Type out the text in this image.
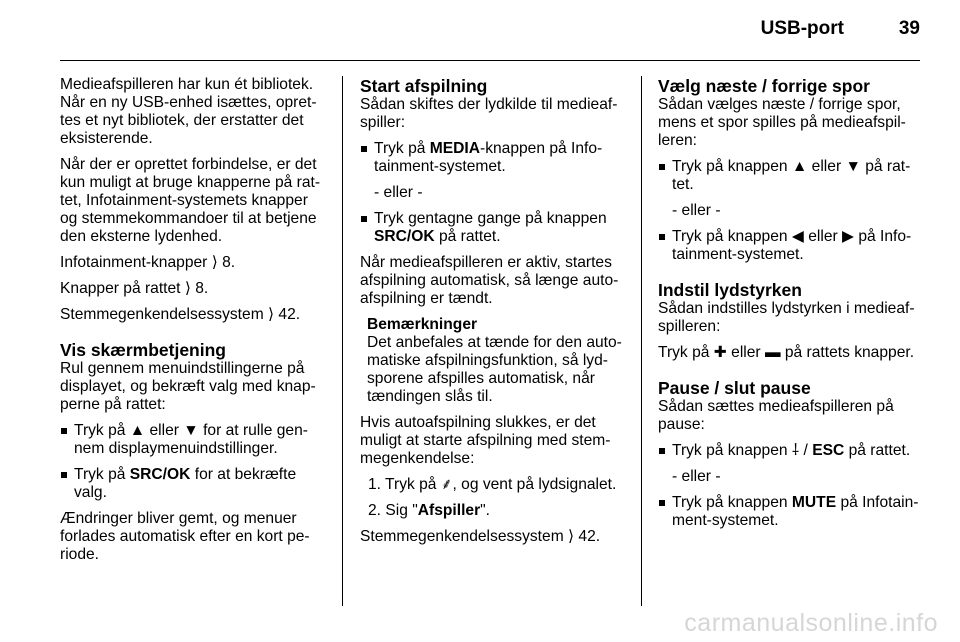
USB-port	39

Medieafspilleren har kun ét bibliotek. Når en ny USB-enhed isættes, opret-tes et nyt bibliotek, der erstatter det eksisterende.

Når der er oprettet forbindelse, er det kun muligt at bruge knapperne på rat-tet, Infotainment-systemets knapper og stemmekommandoer til at betjene den eksterne lydenhed.

Infotainment-knapper ⟩ 8.

Knapper på rattet ⟩ 8.

Stemmegenkendelsessystem ⟩ 42.

Vis skærmbetjening

Rul gennem menuindstillingerne på displayet, og bekræft valg med knap-perne på rattet:

Tryk på ▲ eller ▼ for at rulle gen-nem displaymenuindstillinger.
Tryk på SRC/OK for at bekræfte valg.

Ændringer bliver gemt, og menuer forlades automatisk efter en kort pe-riode.

Start afspilning

Sådan skiftes der lydkilde til medieaf-spiller:

Tryk på MEDIA-knappen på Info-tainment-systemet.

- eller -

Tryk gentagne gange på knappen SRC/OK på rattet.

Når medieafspilleren er aktiv, startes afspilning automatisk, så længe auto-afspilning er tændt.

Bemærkninger
Det anbefales at tænde for den auto-matiske afspilningsfunktion, så lyd-sporene afspilles automatisk, når tændingen slås til.

Hvis autoafspilning slukkes, er det muligt at starte afspilning med stem-megenkendelse:

1. Tryk på ⸙, og vent på lydsignalet.

2. Sig "Afspiller".

Stemmegenkendelsessystem ⟩ 42.

Vælg næste / forrige spor

Sådan vælges næste / forrige spor, mens et spor spilles på medieafspil-leren:

Tryk på knappen ▲ eller ▼ på rat-tet.

- eller -

Tryk på knappen ◀ eller ▶ på Info-tainment-systemet.
Indstil lydstyrken

Sådan indstilles lydstyrken i medieaf-spilleren:

Tryk på ✚ eller ▬ på rattets knapper.

Pause / slut pause

Sådan sættes medieafspilleren på pause:

Tryk på knappen ⸸ / ESC på rattet.

- eller -

Tryk på knappen MUTE på Infotain-ment-systemet.
carmanualsonline.info
